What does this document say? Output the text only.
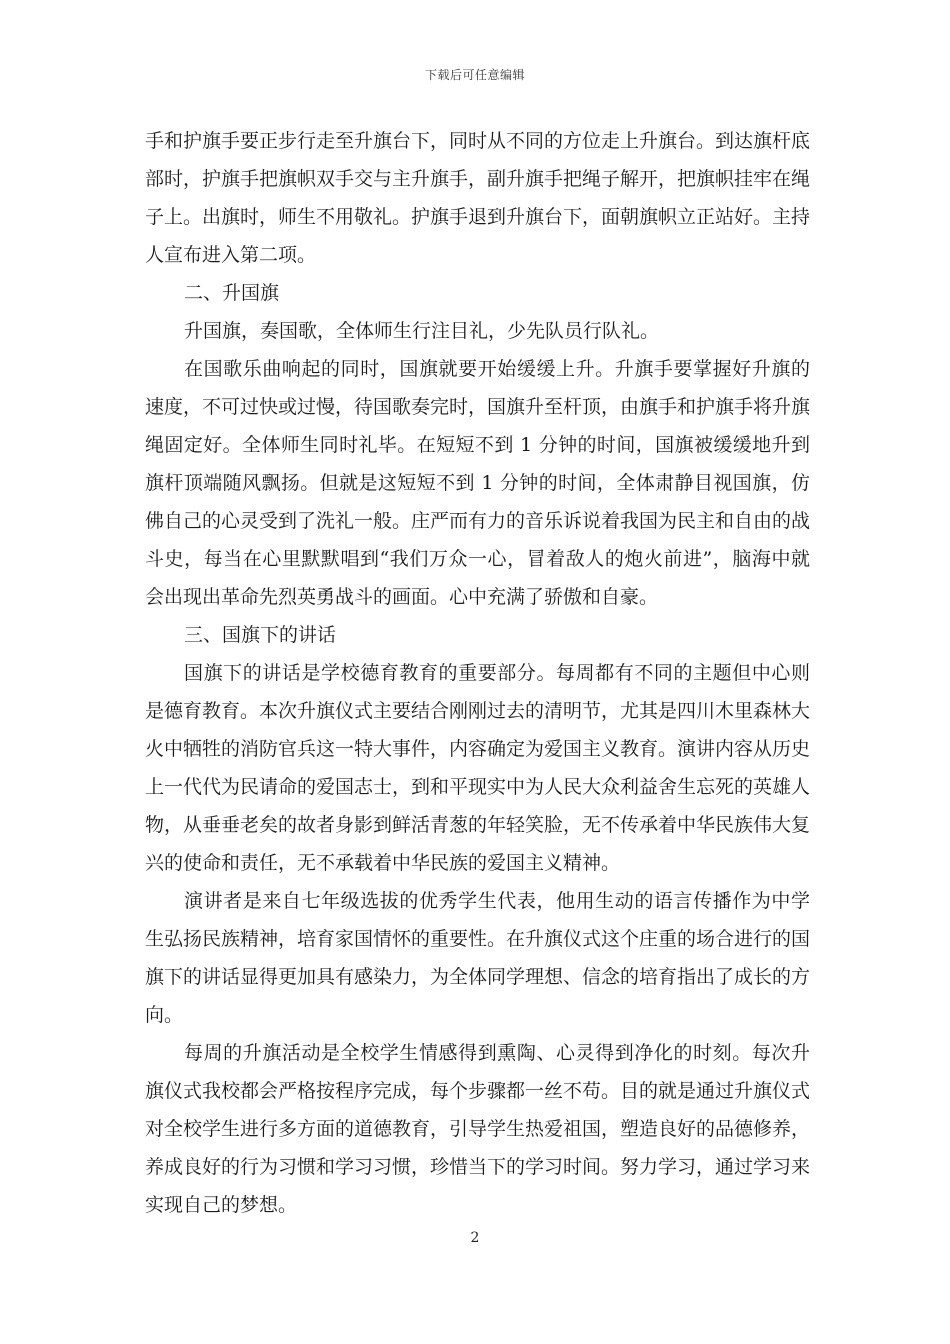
下载后可任意编辑

手和护旗手要正步行走至升旗台下，同时从不同的方位走上升旗台。到达旗杆底部时，护旗手把旗帜双手交与主升旗手，副升旗手把绳子解开，把旗帜挂牢在绳子上。出旗时，师生不用敬礼。护旗手退到升旗台下，面朝旗帜立正站好。主持人宣布进入第二项。

二、升国旗

升国旗，奏国歌，全体师生行注目礼，少先队员行队礼。

在国歌乐曲响起的同时，国旗就要开始缓缓上升。升旗手要掌握好升旗的速度，不可过快或过慢，待国歌奏完时，国旗升至杆顶，由旗手和护旗手将升旗绳固定好。全体师生同时礼毕。在短短不到 1 分钟的时间，国旗被缓缓地升到旗杆顶端随风飘扬。但就是这短短不到 1 分钟的时间，全体肃静目视国旗，仿佛自己的心灵受到了洗礼一般。庄严而有力的音乐诉说着我国为民主和自由的战斗史，每当在心里默默唱到“我们万众一心，冒着敌人的炮火前进”，脑海中就会出现出革命先烈英勇战斗的画面。心中充满了骄傲和自豪。

三、国旗下的讲话

国旗下的讲话是学校德育教育的重要部分。每周都有不同的主题但中心则是德育教育。本次升旗仪式主要结合刚刚过去的清明节，尤其是四川木里森林大火中牺牲的消防官兵这一特大事件，内容确定为爱国主义教育。演讲内容从历史上一代代为民请命的爱国志士，到和平现实中为人民大众利益舍生忘死的英雄人物，从垂垂老矣的故者身影到鲜活青葱的年轻笑脸，无不传承着中华民族伟大复兴的使命和责任，无不承载着中华民族的爱国主义精神。

演讲者是来自七年级选拔的优秀学生代表，他用生动的语言传播作为中学生弘扬民族精神，培育家国情怀的重要性。在升旗仪式这个庄重的场合进行的国旗下的讲话显得更加具有感染力，为全体同学理想、信念的培育指出了成长的方向。

每周的升旗活动是全校学生情感得到熏陶、心灵得到净化的时刻。每次升旗仪式我校都会严格按程序完成，每个步骤都一丝不苟。目的就是通过升旗仪式对全校学生进行多方面的道德教育，引导学生热爱祖国，塑造良好的品德修养，养成良好的行为习惯和学习习惯，珍惜当下的学习时间。努力学习，通过学习来实现自己的梦想。

2
